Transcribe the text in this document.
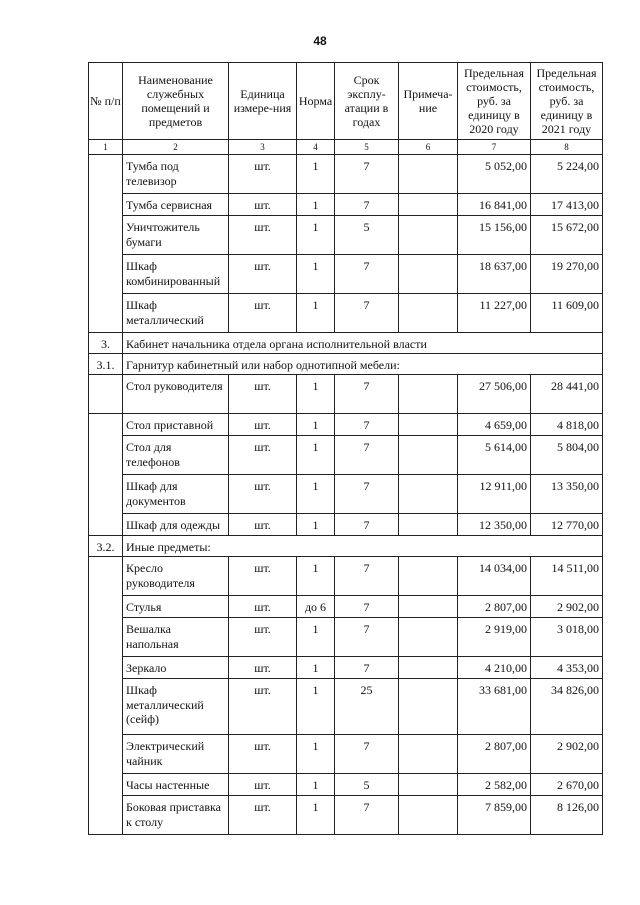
48
№ п/п	Наименование служебных помещений и предметов	Единица измере-ния	Норма	Срок эксплу-атации в годах	Примеча-ние	Предельная стоимость, руб. за единицу в 2020 году	Предельная стоимость, руб. за единицу в 2021 году
1	2	3	4	5	6	7	8
	Тумба под телевизор	шт.	1	7		5 052,00	5 224,00
	Тумба сервисная	шт.	1	7		16 841,00	17 413,00
	Уничтожитель бумаги	шт.	1	5		15 156,00	15 672,00
	Шкаф комбинированный	шт.	1	7		18 637,00	19 270,00
	Шкаф металлический	шт.	1	7		11 227,00	11 609,00
3.	Кабинет начальника отдела органа исполнительной власти						
3.1.	Гарнитур кабинетный или набор однотипной мебели:						
	Стол руководителя	шт.	1	7		27 506,00	28 441,00
	Стол приставной	шт.	1	7		4 659,00	4 818,00
	Стол для телефонов	шт.	1	7		5 614,00	5 804,00
	Шкаф для документов	шт.	1	7		12 911,00	13 350,00
	Шкаф для одежды	шт.	1	7		12 350,00	12 770,00
3.2.	Иные предметы:						
	Кресло руководителя	шт.	1	7		14 034,00	14 511,00
	Стулья	шт.	до 6	7		2 807,00	2 902,00
	Вешалка напольная	шт.	1	7		2 919,00	3 018,00
	Зеркало	шт.	1	7		4 210,00	4 353,00
	Шкаф металлический (сейф)	шт.	1	25		33 681,00	34 826,00
	Электрический чайник	шт.	1	7		2 807,00	2 902,00
	Часы настенные	шт.	1	5		2 582,00	2 670,00
	Боковая приставка к столу	шт.	1	7		7 859,00	8 126,00
